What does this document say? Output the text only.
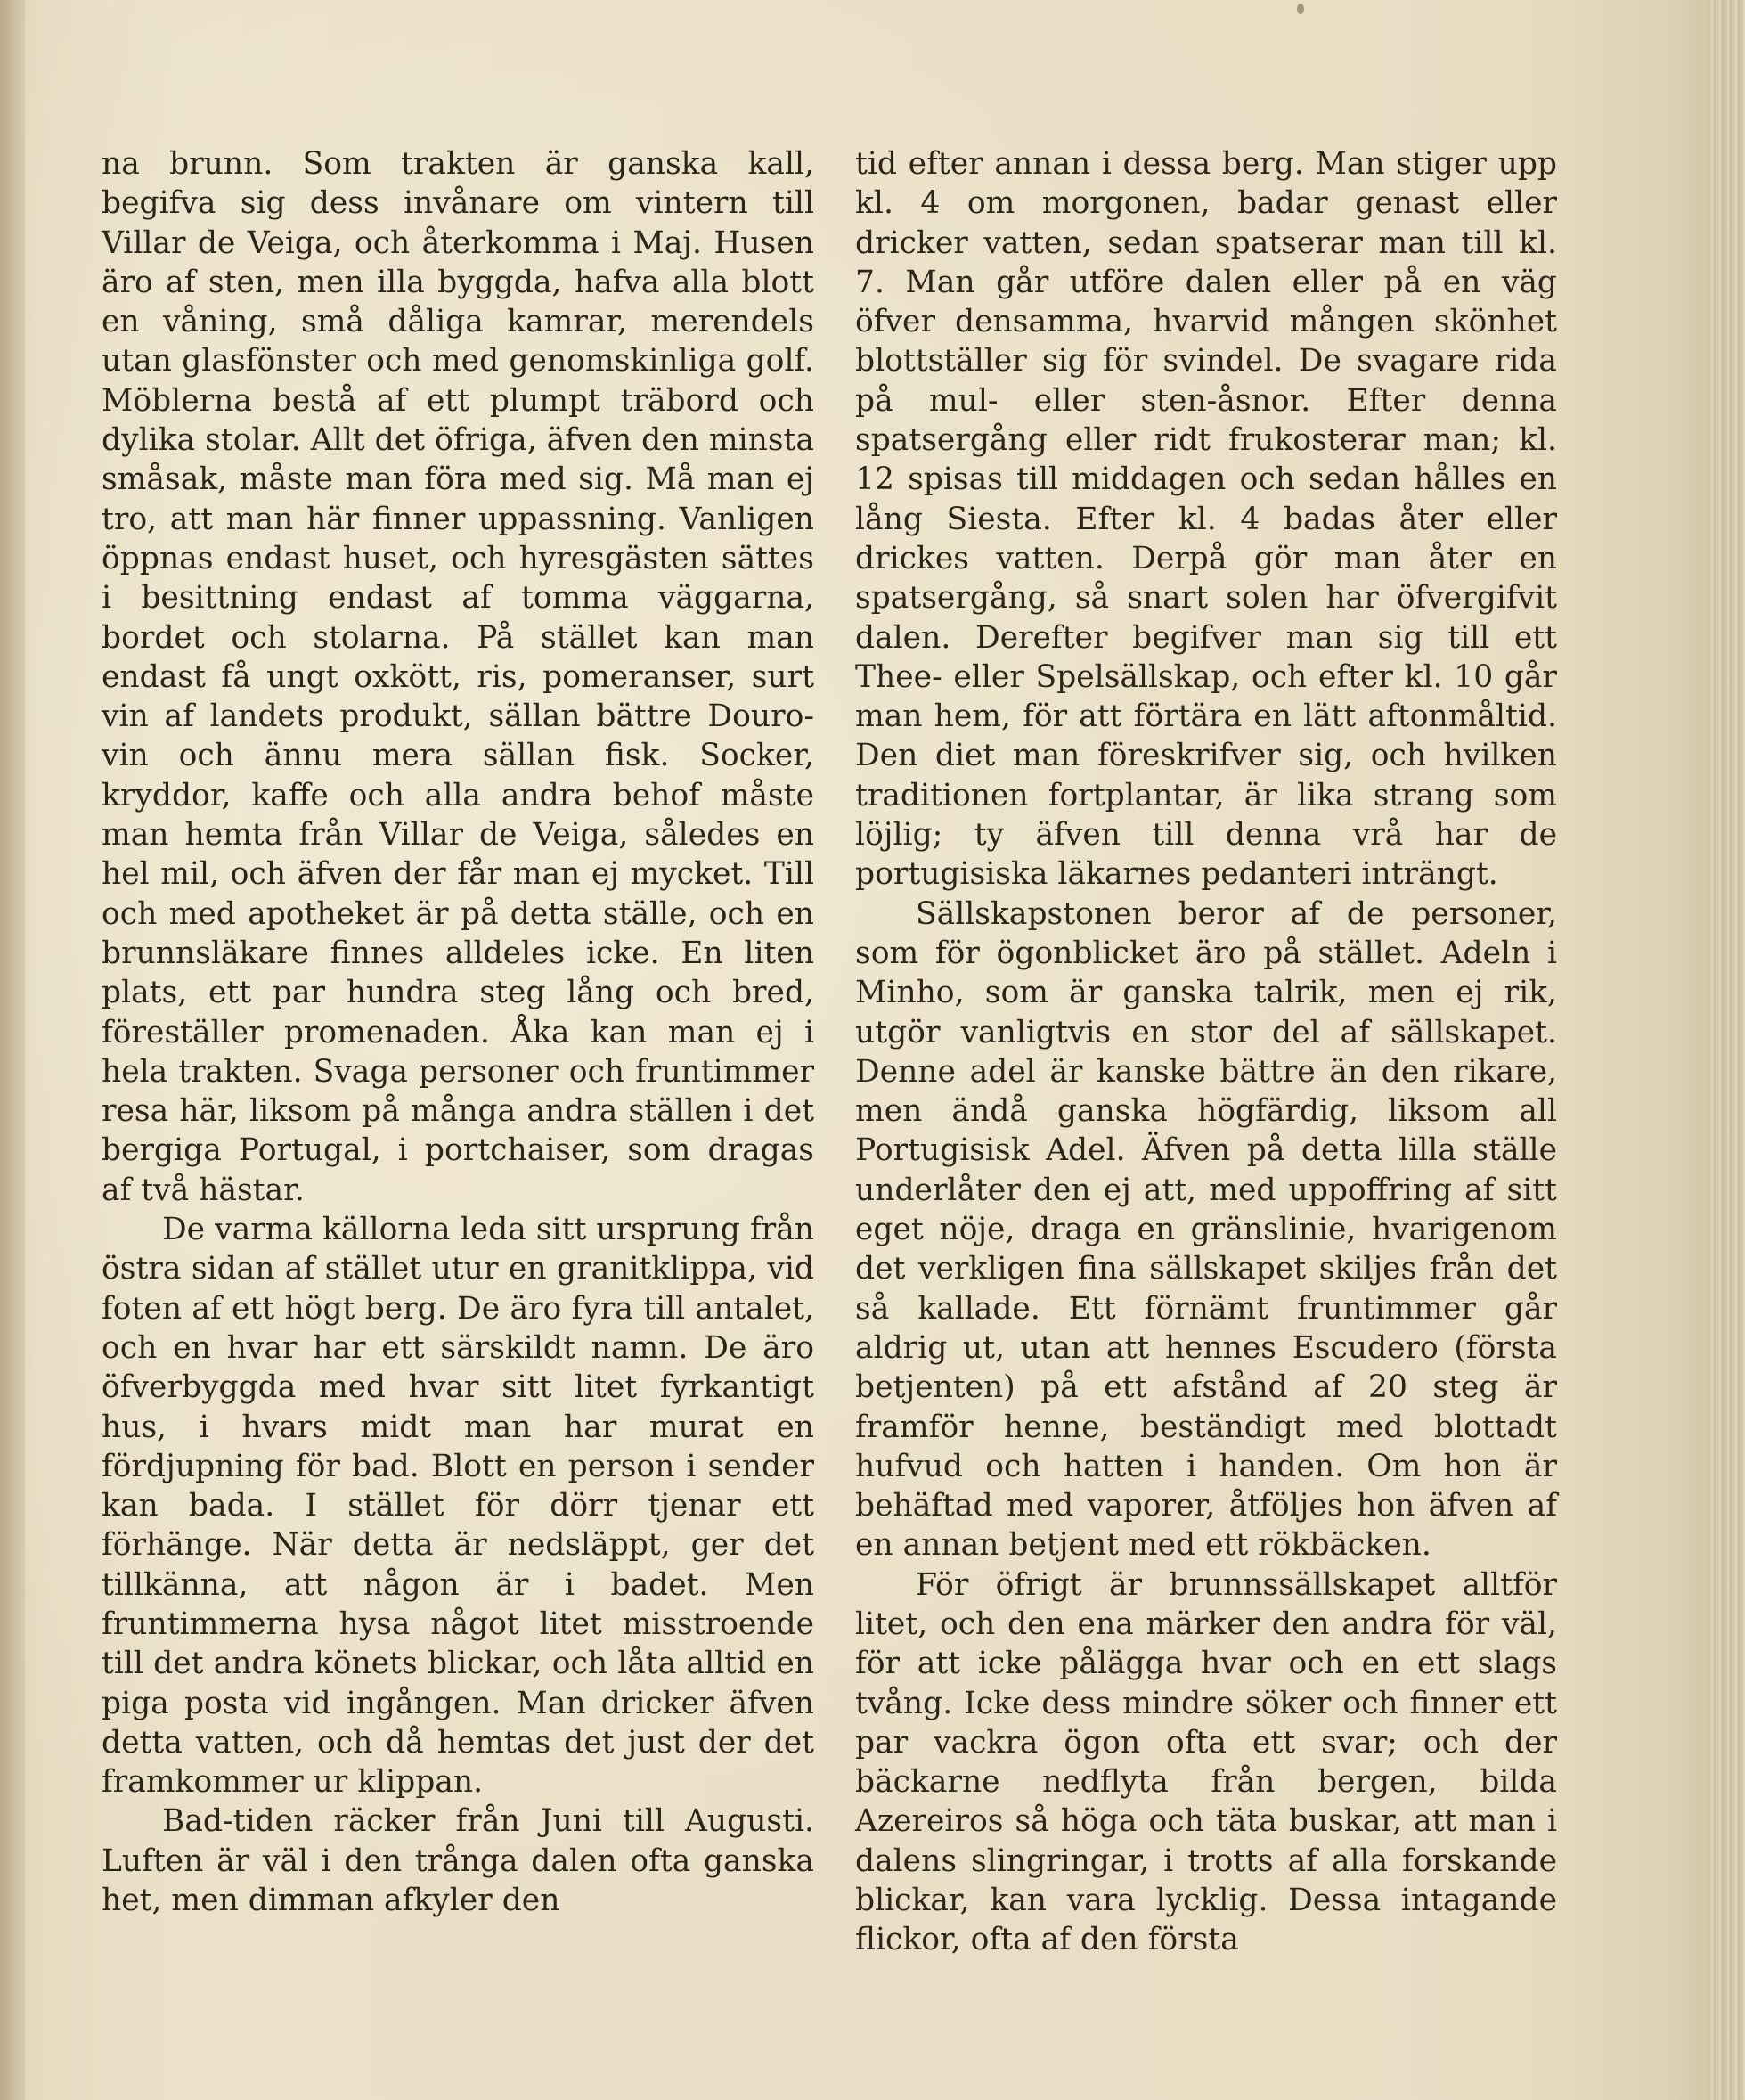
na brunn. Som trakten är ganska kall, begifva sig dess invånare om vintern till Villar de Veiga, och återkomma i Maj. Husen äro af sten, men illa byggda, hafva alla blott en våning, små dåliga kamrar, merendels utan glasfönster och med genomskinliga golf. Möblerna bestå af ett plumpt träbord och dylika stolar. Allt det öfriga, äfven den minsta småsak, måste man föra med sig. Må man ej tro, att man här finner uppassning. Vanligen öppnas endast huset, och hyresgästen sättes i besittning endast af tomma väggarna, bordet och stolarna. På stället kan man endast få ungt oxkött, ris, pomeranser, surt vin af landets produkt, sällan bättre Douro-vin och ännu mera sällan fisk. Socker, kryddor, kaffe och alla andra behof måste man hemta från Villar de Veiga, således en hel mil, och äfven der får man ej mycket. Till och med apotheket är på detta ställe, och en brunnsläkare finnes alldeles icke. En liten plats, ett par hundra steg lång och bred, föreställer promenaden. Åka kan man ej i hela trakten. Svaga personer och fruntimmer resa här, liksom på många andra ställen i det bergiga Portugal, i portchaiser, som dragas af två hästar.

De varma källorna leda sitt ursprung från östra sidan af stället utur en granitklippa, vid foten af ett högt berg. De äro fyra till antalet, och en hvar har ett särskildt namn. De äro öfverbyggda med hvar sitt litet fyrkantigt hus, i hvars midt man har murat en fördjupning för bad. Blott en person i sender kan bada. I stället för dörr tjenar ett förhänge. När detta är nedsläppt, ger det tillkänna, att någon är i badet. Men fruntimmerna hysa något litet misstroende till det andra könets blickar, och låta alltid en piga posta vid ingången. Man dricker äfven detta vatten, och då hemtas det just der det framkommer ur klippan.

Bad-tiden räcker från Juni till Augusti. Luften är väl i den trånga dalen ofta ganska het, men dimman afkyler den

tid efter annan i dessa berg. Man stiger upp kl. 4 om morgonen, badar genast eller dricker vatten, sedan spatserar man till kl. 7. Man går utföre dalen eller på en väg öfver densamma, hvarvid mången skönhet blottställer sig för svindel. De svagare rida på mul- eller sten-åsnor. Efter denna spatsergång eller ridt frukosterar man; kl. 12 spisas till middagen och sedan hålles en lång Siesta. Efter kl. 4 badas åter eller drickes vatten. Derpå gör man åter en spatsergång, så snart solen har öfvergifvit dalen. Derefter begifver man sig till ett Thee- eller Spelsällskap, och efter kl. 10 går man hem, för att förtära en lätt aftonmåltid. Den diet man föreskrifver sig, och hvilken traditionen fortplantar, är lika strang som löjlig; ty äfven till denna vrå har de portugisiska läkarnes pedanteri inträngt.

Sällskapstonen beror af de personer, som för ögonblicket äro på stället. Adeln i Minho, som är ganska talrik, men ej rik, utgör vanligtvis en stor del af sällskapet. Denne adel är kanske bättre än den rikare, men ändå ganska högfärdig, liksom all Portugisisk Adel. Äfven på detta lilla ställe underlåter den ej att, med uppoffring af sitt eget nöje, draga en gränslinie, hvarigenom det verkligen fina sällskapet skiljes från det så kallade. Ett förnämt fruntimmer går aldrig ut, utan att hennes Escudero (första betjenten) på ett afstånd af 20 steg är framför henne, beständigt med blottadt hufvud och hatten i handen. Om hon är behäftad med vaporer, åtföljes hon äfven af en annan betjent med ett rökbäcken.

För öfrigt är brunnssällskapet alltför litet, och den ena märker den andra för väl, för att icke pålägga hvar och en ett slags tvång. Icke dess mindre söker och finner ett par vackra ögon ofta ett svar; och der bäckarne nedflyta från bergen, bilda Azereiros så höga och täta buskar, att man i dalens slingringar, i trotts af alla forskande blickar, kan vara lycklig. Dessa intagande flickor, ofta af den första
